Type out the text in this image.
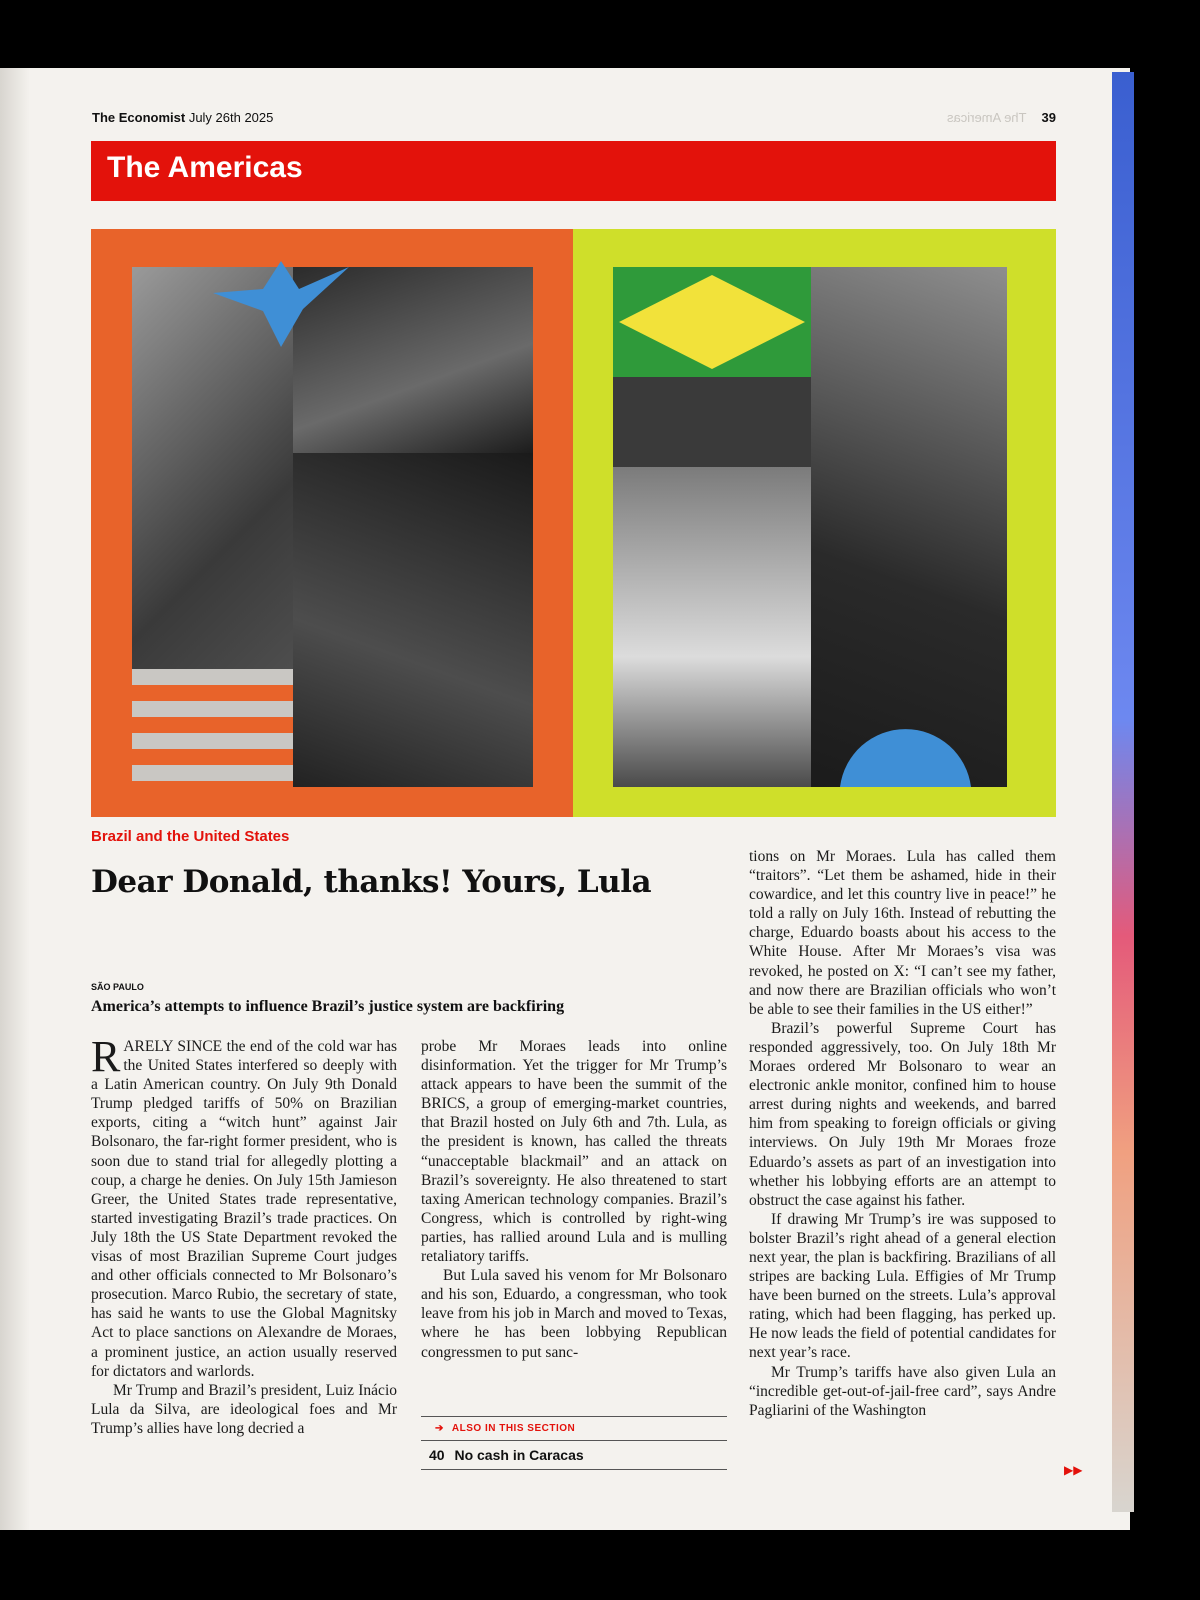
The Economist July 26th 2025	The Americas 39
The Americas
Brazil and the United States
Dear Donald, thanks! Yours, Lula
SÃO PAULO
America’s attempts to influence Brazil’s justice system are backfiring

RARELY SINCE the end of the cold war has the United States interfered so deeply with a Latin American country. On July 9th Donald Trump pledged tariffs of 50% on Brazilian exports, citing a “witch hunt” against Jair Bolsonaro, the far-right former president, who is soon due to stand trial for allegedly plotting a coup, a charge he denies. On July 15th Jamieson Greer, the United States trade representative, started investigating Brazil’s trade practices. On July 18th the US State Department revoked the visas of most Brazilian Supreme Court judges and other officials connected to Mr Bolsonaro’s prosecution. Marco Rubio, the secretary of state, has said he wants to use the Global Magnitsky Act to place sanctions on Alexandre de Moraes, a prominent justice, an action usually reserved for dictators and warlords.

Mr Trump and Brazil’s president, Luiz Inácio Lula da Silva, are ideological foes and Mr Trump’s allies have long decried a

probe Mr Moraes leads into online disinformation. Yet the trigger for Mr Trump’s attack appears to have been the summit of the BRICS, a group of emerging-market countries, that Brazil hosted on July 6th and 7th. Lula, as the president is known, has called the threats “unacceptable blackmail” and an attack on Brazil’s sovereignty. He also threatened to start taxing American technology companies. Brazil’s Congress, which is controlled by right-wing parties, has rallied around Lula and is mulling retaliatory tariffs.

But Lula saved his venom for Mr Bolsonaro and his son, Eduardo, a congressman, who took leave from his job in March and moved to Texas, where he has been lobbying Republican congressmen to put sanc-

tions on Mr Moraes. Lula has called them “traitors”. “Let them be ashamed, hide in their cowardice, and let this country live in peace!” he told a rally on July 16th. Instead of rebutting the charge, Eduardo boasts about his access to the White House. After Mr Moraes’s visa was revoked, he posted on X: “I can’t see my father, and now there are Brazilian officials who won’t be able to see their families in the US either!”

Brazil’s powerful Supreme Court has responded aggressively, too. On July 18th Mr Moraes ordered Mr Bolsonaro to wear an electronic ankle monitor, confined him to house arrest during nights and weekends, and barred him from speaking to foreign officials or giving interviews. On July 19th Mr Moraes froze Eduardo’s assets as part of an investigation into whether his lobbying efforts are an attempt to obstruct the case against his father.

If drawing Mr Trump’s ire was supposed to bolster Brazil’s right ahead of a general election next year, the plan is backfiring. Brazilians of all stripes are backing Lula. Effigies of Mr Trump have been burned on the streets. Lula’s approval rating, which had been flagging, has perked up. He now leads the field of potential candidates for next year’s race.

Mr Trump’s tariffs have also given Lula an “incredible get-out-of-jail-free card”, says Andre Pagliarini of the Washington

➔ ALSO IN THIS SECTION
40 No cash in Caracas
▶▶
